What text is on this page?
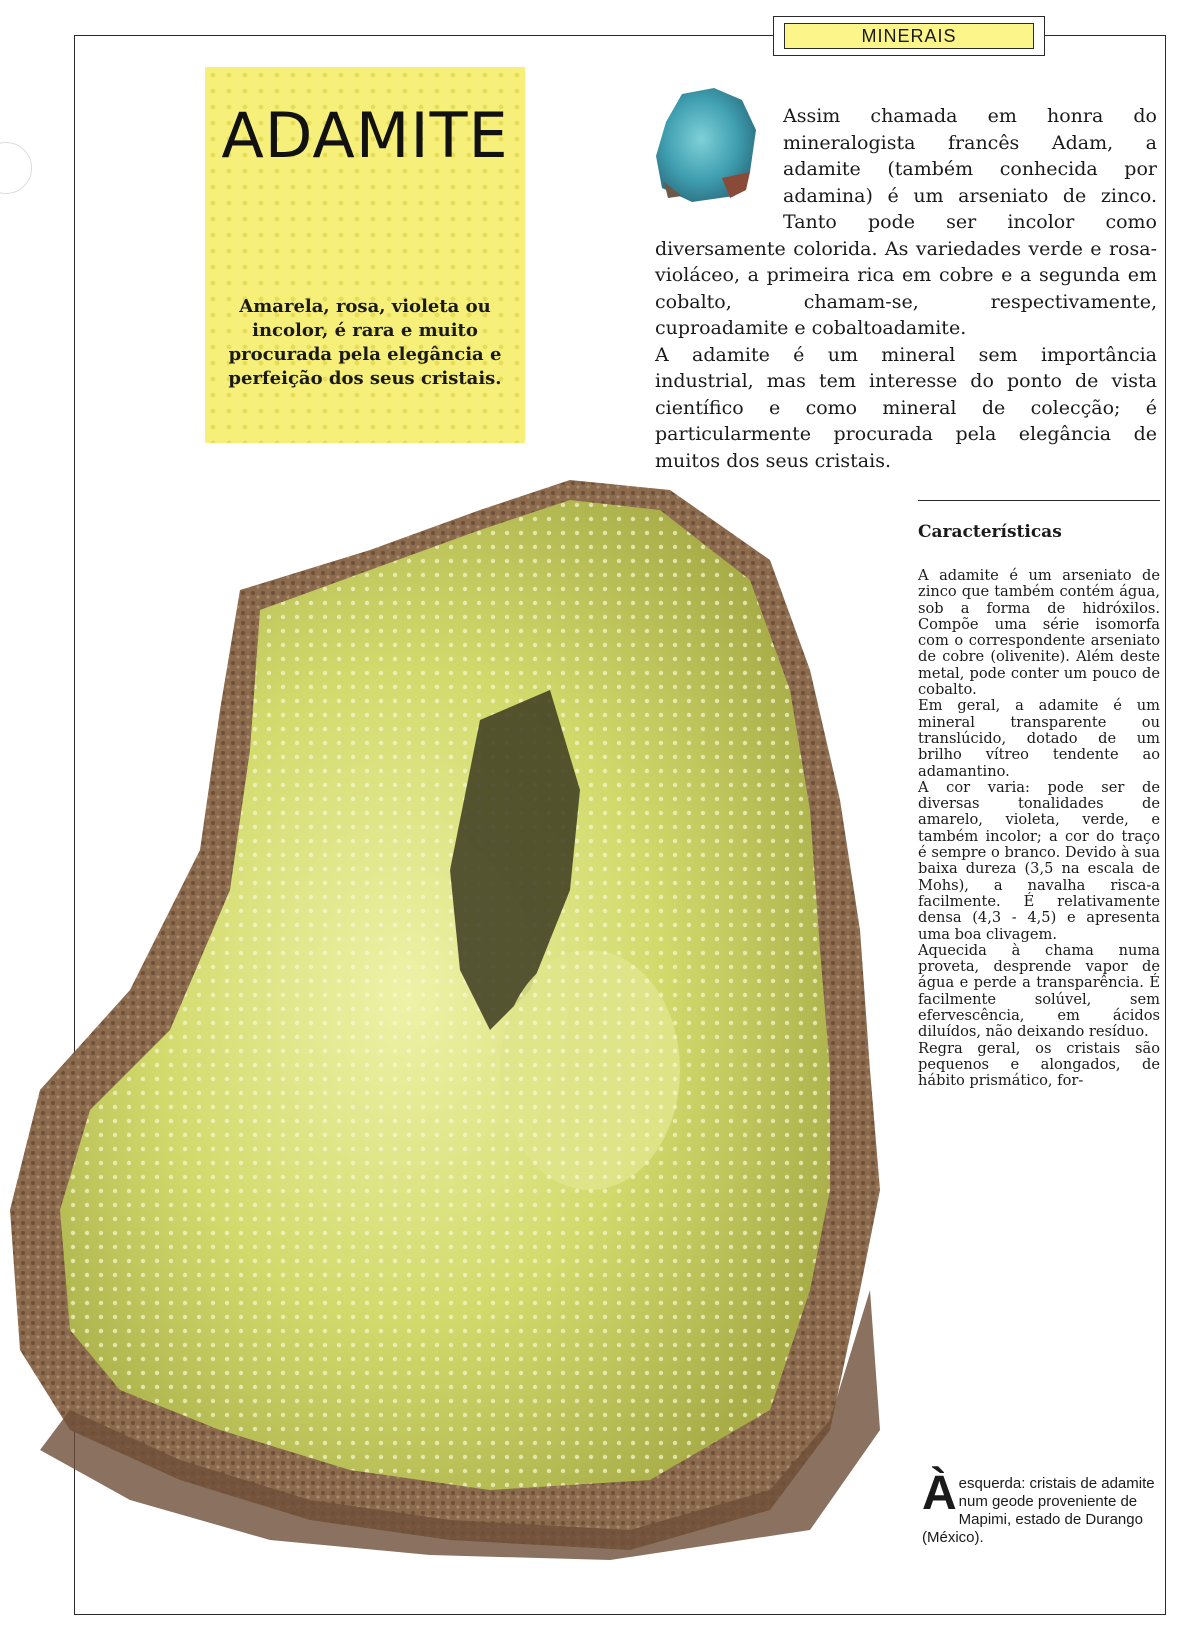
MINERAIS
ADAMITE
Amarela, rosa, violeta ou incolor, é rara e muito procurada pela elegância e perfeição dos seus cristais.

Assim chamada em honra do mineralogista francês Adam, a adamite (também conhecida por adamina) é um arseniato de zinco. Tanto pode ser incolor como diversamente colorida. As variedades verde e rosa-violáceo, a primeira rica em cobre e a segunda em cobalto, chamam-se, respectivamente, cuproadamite e cobaltoadamite.

A adamite é um mineral sem importância industrial, mas tem interesse do ponto de vista científico e como mineral de colecção; é particularmente procurada pela elegância de muitos dos seus cristais.

Características

A adamite é um arseniato de zinco que também contém água, sob a forma de hidróxilos. Compõe uma série isomorfa com o correspondente arseniato de cobre (olivenite). Além deste metal, pode conter um pouco de cobalto.

Em geral, a adamite é um mineral transparente ou translúcido, dotado de um brilho vítreo tendente ao adamantino.

A cor varia: pode ser de diversas tonalidades de amarelo, violeta, verde, e também incolor; a cor do traço é sempre o branco. Devido à sua baixa dureza (3,5 na escala de Mohs), a navalha risca-a facilmente. É relativamente densa (4,3 - 4,5) e apresenta uma boa clivagem.

Aquecida à chama numa proveta, desprende vapor de água e perde a transparência. É facilmente solúvel, sem efervescência, em ácidos diluídos, não deixando resíduo.

Regra geral, os cristais são pequenos e alongados, de hábito prismático, for-

À esquerda: cristais de adamite num geode proveniente de Mapimi, estado de Durango (México).
